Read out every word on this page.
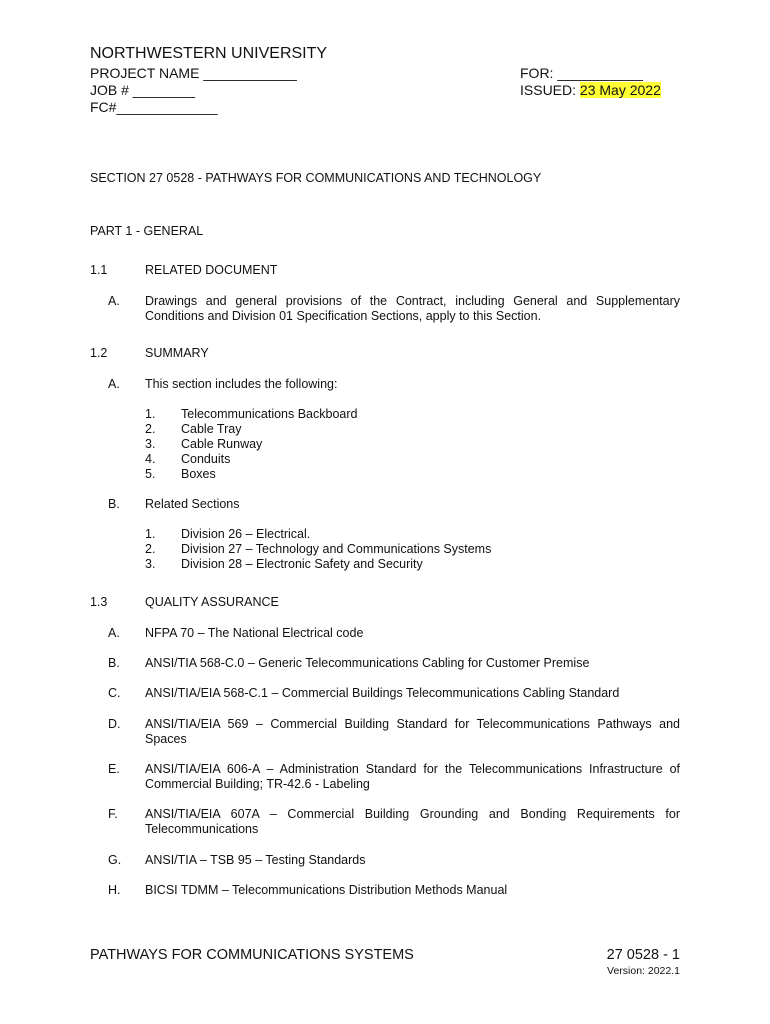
NORTHWESTERN UNIVERSITY
PROJECT NAME ____________
JOB # ________
FC#_____________
FOR: ___________
ISSUED: 23 May 2022
SECTION 27 0528 - PATHWAYS FOR COMMUNICATIONS AND TECHNOLOGY
PART 1 - GENERAL
1.1	RELATED DOCUMENT
A. Drawings and general provisions of the Contract, including General and Supplementary Conditions and Division 01 Specification Sections, apply to this Section.
1.2	SUMMARY
A. This section includes the following:
1. Telecommunications Backboard
2. Cable Tray
3. Cable Runway
4. Conduits
5. Boxes
B. Related Sections
1. Division 26 – Electrical.
2. Division 27 – Technology and Communications Systems
3. Division 28 – Electronic Safety and Security
1.3	QUALITY ASSURANCE
A. NFPA 70 – The National Electrical code
B. ANSI/TIA 568-C.0 – Generic Telecommunications Cabling for Customer Premise
C. ANSI/TIA/EIA 568-C.1 – Commercial Buildings Telecommunications Cabling Standard
D. ANSI/TIA/EIA 569 – Commercial Building Standard for Telecommunications Pathways and Spaces
E. ANSI/TIA/EIA 606-A – Administration Standard for the Telecommunications Infrastructure of Commercial Building; TR-42.6 - Labeling
F. ANSI/TIA/EIA 607A – Commercial Building Grounding and Bonding Requirements for Telecommunications
G. ANSI/TIA – TSB 95 – Testing Standards
H. BICSI TDMM – Telecommunications Distribution Methods Manual
PATHWAYS FOR COMMUNICATIONS SYSTEMS	27 0528 - 1
Version: 2022.1
